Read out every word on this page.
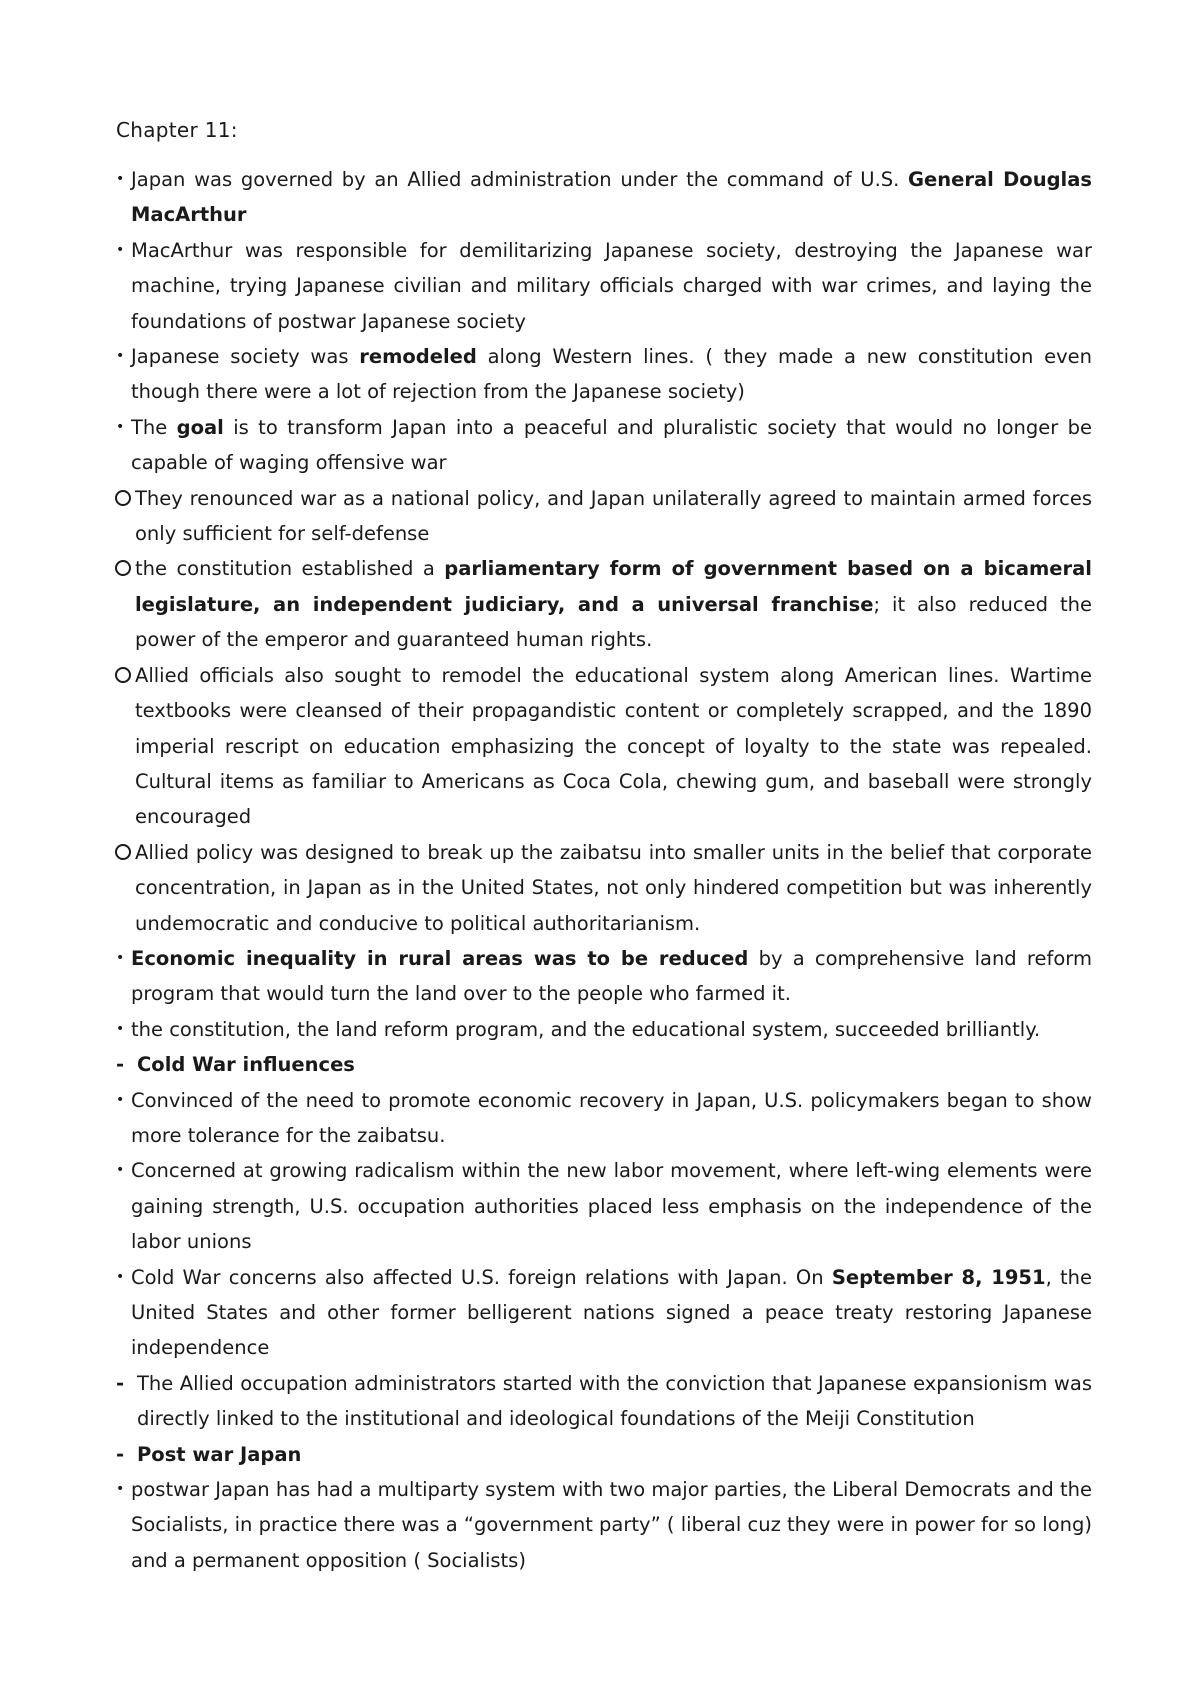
Chapter 11:
• Japan was governed by an Allied administration under the command of U.S. General Douglas MacArthur
• MacArthur was responsible for demilitarizing Japanese society, destroying the Japanese war machine, trying Japanese civilian and military officials charged with war crimes, and laying the foundations of postwar Japanese society
• Japanese society was remodeled along Western lines. ( they made a new constitution even though there were a lot of rejection from the Japanese society)
• The goal is to transform Japan into a peaceful and pluralistic society that would no longer be capable of waging offensive war
They renounced war as a national policy, and Japan unilaterally agreed to maintain armed forces only sufficient for self-defense
the constitution established a parliamentary form of government based on a bicameral legislature, an independent judiciary, and a universal franchise; it also reduced the power of the emperor and guaranteed human rights.
Allied officials also sought to remodel the educational system along American lines. Wartime textbooks were cleansed of their propagandistic content or completely scrapped, and the 1890 imperial rescript on education emphasizing the concept of loyalty to the state was repealed. Cultural items as familiar to Americans as Coca Cola, chewing gum, and baseball were strongly encouraged
Allied policy was designed to break up the zaibatsu into smaller units in the belief that corporate concentration, in Japan as in the United States, not only hindered competition but was inherently undemocratic and conducive to political authoritarianism.
• Economic inequality in rural areas was to be reduced by a comprehensive land reform program that would turn the land over to the people who farmed it.
• the constitution, the land reform program, and the educational system, succeeded brilliantly.
- Cold War influences
• Convinced of the need to promote economic recovery in Japan, U.S. policymakers began to show more tolerance for the zaibatsu.
• Concerned at growing radicalism within the new labor movement, where left-wing elements were gaining strength, U.S. occupation authorities placed less emphasis on the independence of the labor unions
• Cold War concerns also affected U.S. foreign relations with Japan. On September 8, 1951, the United States and other former belligerent nations signed a peace treaty restoring Japanese independence
- The Allied occupation administrators started with the conviction that Japanese expansionism was directly linked to the institutional and ideological foundations of the Meiji Constitution
- Post war Japan
• postwar Japan has had a multiparty system with two major parties, the Liberal Democrats and the Socialists, in practice there was a “government party” ( liberal cuz they were in power for so long) and a permanent opposition ( Socialists)
